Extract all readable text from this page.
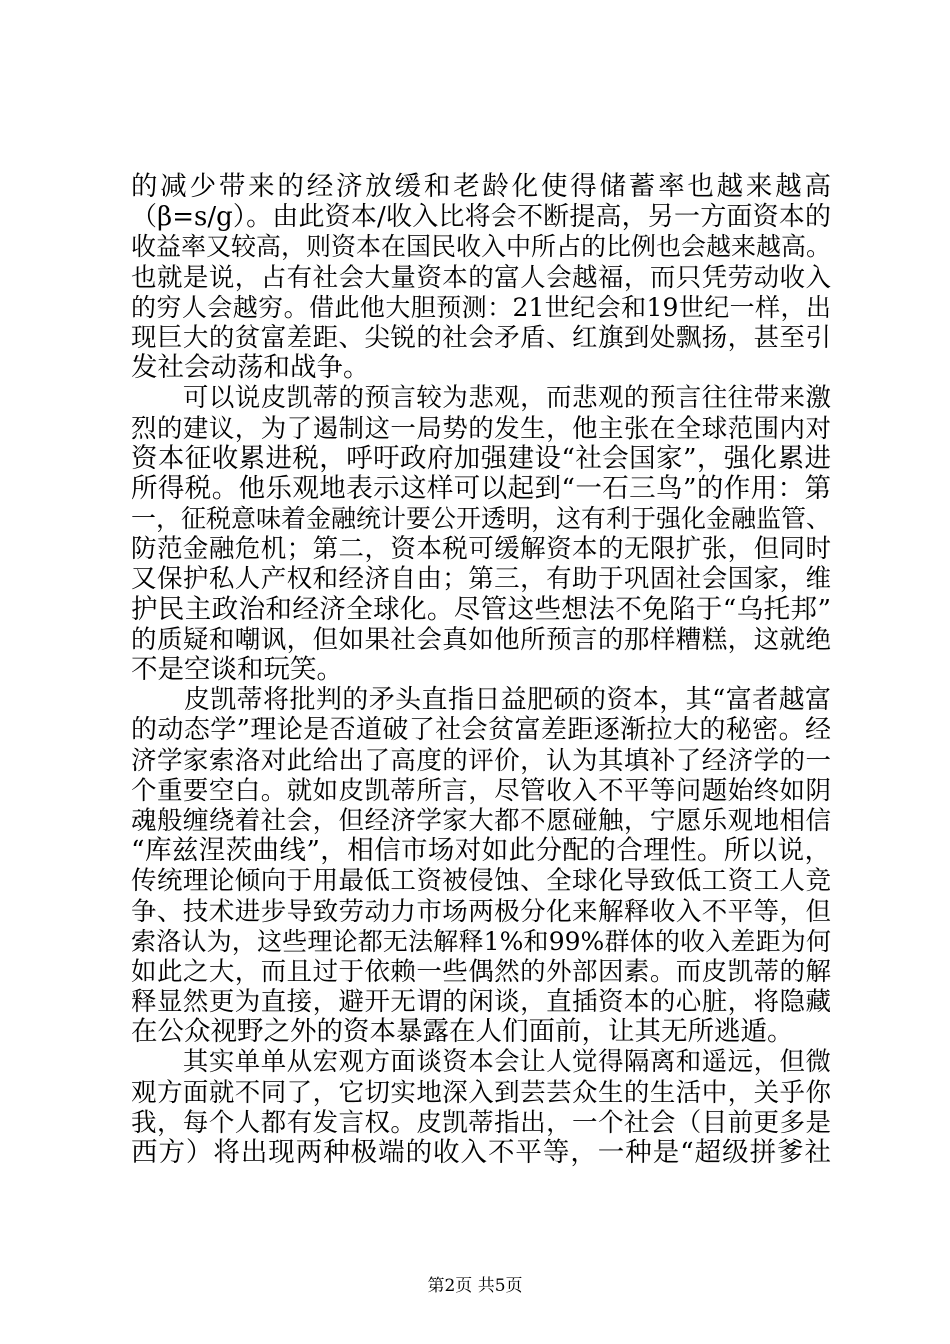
的减少带来的经济放缓和老龄化使得储蓄率也越来越高
（β=s/g）。由此资本/收入比将会不断提高，另一方面资本的
收益率又较高，则资本在国民收入中所占的比例也会越来越高。
也就是说，占有社会大量资本的富人会越福，而只凭劳动收入
的穷人会越穷。借此他大胆预测：21世纪会和19世纪一样，出
现巨大的贫富差距、尖锐的社会矛盾、红旗到处飘扬，甚至引
发社会动荡和战争。
　　可以说皮凯蒂的预言较为悲观，而悲观的预言往往带来激
烈的建议，为了遏制这一局势的发生，他主张在全球范围内对
资本征收累进税，呼吁政府加强建设“社会国家”，强化累进
所得税。他乐观地表示这样可以起到“一石三鸟”的作用：第
一，征税意味着金融统计要公开透明，这有利于强化金融监管、
防范金融危机；第二，资本税可缓解资本的无限扩张，但同时
又保护私人产权和经济自由；第三，有助于巩固社会国家，维
护民主政治和经济全球化。尽管这些想法不免陷于“乌托邦”
的质疑和嘲讽，但如果社会真如他所预言的那样糟糕，这就绝
不是空谈和玩笑。
　　皮凯蒂将批判的矛头直指日益肥硕的资本，其“富者越富
的动态学”理论是否道破了社会贫富差距逐渐拉大的秘密。经
济学家索洛对此给出了高度的评价，认为其填补了经济学的一
个重要空白。就如皮凯蒂所言，尽管收入不平等问题始终如阴
魂般缠绕着社会，但经济学家大都不愿碰触，宁愿乐观地相信
“库兹涅茨曲线”，相信市场对如此分配的合理性。所以说，
传统理论倾向于用最低工资被侵蚀、全球化导致低工资工人竞
争、技术进步导致劳动力市场两极分化来解释收入不平等，但
索洛认为，这些理论都无法解释1%和99%群体的收入差距为何
如此之大，而且过于依赖一些偶然的外部因素。而皮凯蒂的解
释显然更为直接，避开无谓的闲谈，直插资本的心脏，将隐藏
在公众视野之外的资本暴露在人们面前，让其无所逃遁。
　　其实单单从宏观方面谈资本会让人觉得隔离和遥远，但微
观方面就不同了，它切实地深入到芸芸众生的生活中，关乎你
我，每个人都有发言权。皮凯蒂指出，一个社会（目前更多是
西方）将出现两种极端的收入不平等，一种是“超级拼爹社
第2页 共5页
